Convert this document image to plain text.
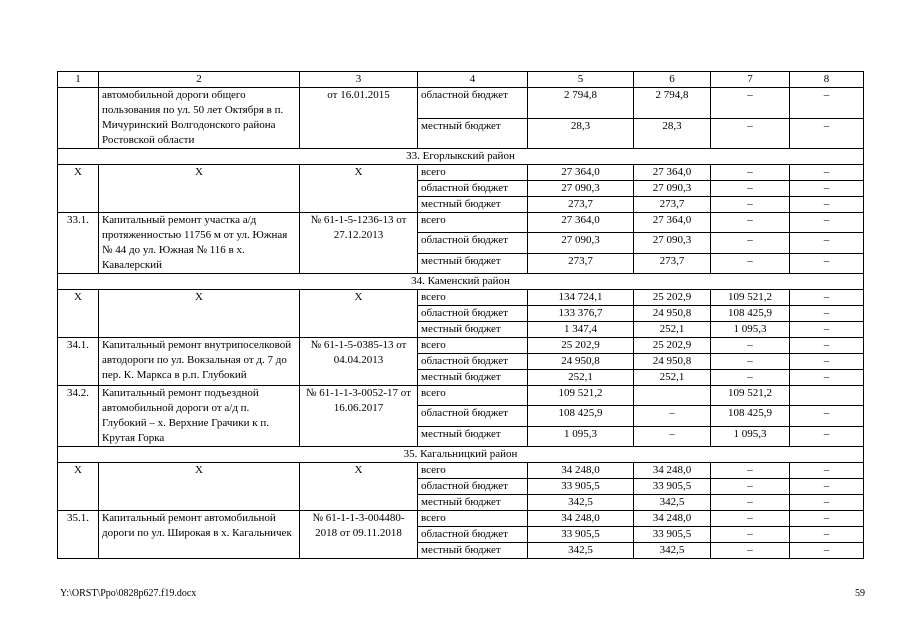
1	2	3	4	5	6	7	8
	автомобильной дороги общего пользования по ул. 50 лет Октября в п. Мичуринский Волгодонского района Ростовской области	от 16.01.2015	областной бюджет	2 794,8	2 794,8	–	–
			местный бюджет	28,3	28,3	–	–
33. Егорлыкский район							
Х	Х	Х	всего	27 364,0	27 364,0	–	–
			областной бюджет	27 090,3	27 090,3	–	–
			местный бюджет	273,7	273,7	–	–
33.1.	Капитальный ремонт участка а/д протяженностью 11756 м от ул. Южная № 44 до ул. Южная № 116 в х. Кавалерский	№ 61-1-5-1236-13 от 27.12.2013	всего	27 364,0	27 364,0	–	–
			областной бюджет	27 090,3	27 090,3	–	–
			местный бюджет	273,7	273,7	–	–
34. Каменский район							
Х	Х	Х	всего	134 724,1	25 202,9	109 521,2	–
			областной бюджет	133 376,7	24 950,8	108 425,9	–
			местный бюджет	1 347,4	252,1	1 095,3	–
34.1.	Капитальный ремонт внутрипоселковой автодороги по ул. Вокзальная от д. 7 до пер. К. Маркса в р.п. Глубокий	№ 61-1-5-0385-13 от 04.04.2013	всего	25 202,9	25 202,9	–	–
			областной бюджет	24 950,8	24 950,8	–	–
			местный бюджет	252,1	252,1	–	–
34.2.	Капитальный ремонт подъездной автомобильной дороги от а/д п. Глубокий – х. Верхние Грачики к п. Крутая Горка	№ 61-1-1-3-0052-17 от 16.06.2017	всего	109 521,2		109 521,2	
			областной бюджет	108 425,9	–	108 425,9	–
			местный бюджет	1 095,3	–	1 095,3	–
35. Кагальницкий район							
Х	Х	Х	всего	34 248,0	34 248,0	–	–
			областной бюджет	33 905,5	33 905,5	–	–
			местный бюджет	342,5	342,5	–	–
35.1.	Капитальный ремонт автомобильной дороги по ул. Широкая в х. Кагальничек	№ 61-1-1-3-004480-2018 от 09.11.2018	всего	34 248,0	34 248,0	–	–
			областной бюджет	33 905,5	33 905,5	–	–
			местный бюджет	342,5	342,5	–	–
Y:\ORST\Ppo\0828p627.f19.docx	59
